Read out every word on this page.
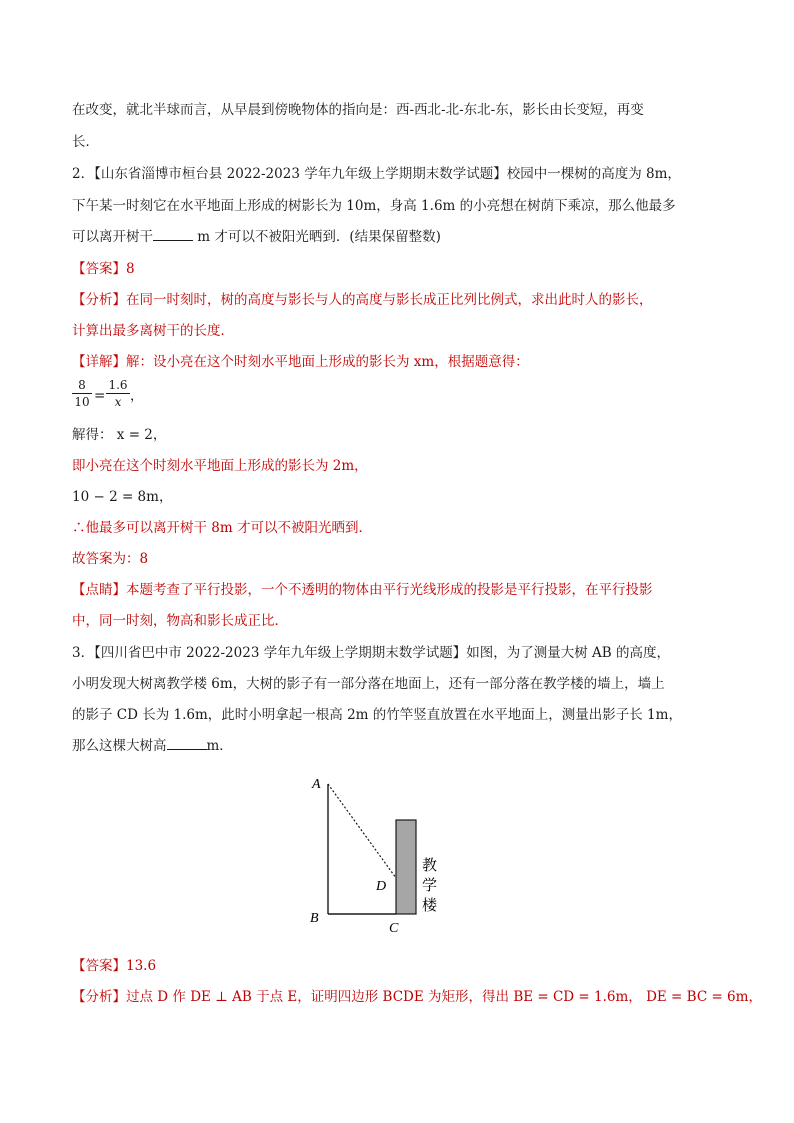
在改变，就北半球而言，从早晨到傍晚物体的指向是：西-西北-北-东北-东，影长由长变短，再变
长．
2．【山东省淄博市桓台县 2022-2023 学年九年级上学期期末数学试题】校园中一棵树的高度为 8m，
下午某一时刻它在水平地面上形成的树影长为 10m，身高 1.6m 的小亮想在树荫下乘凉，那么他最多
可以离开树干	m 才可以不被阳光晒到．(结果保留整数)
【答案】8
【分析】在同一时刻时，树的高度与影长与人的高度与影长成正比列比例式，求出此时人的影长，
计算出最多离树干的长度．
【详解】解：设小亮在这个时刻水平地面上形成的影长为 xm，根据题意得：
8
10 =
1.6
x ，
解得： x = 2，
即小亮在这个时刻水平地面上形成的影长为 2m，
10 − 2 = 8m，
∴他最多可以离开树干 8m 才可以不被阳光晒到．
故答案为：8
【点睛】本题考查了平行投影，一个不透明的物体由平行光线形成的投影是平行投影，在平行投影
中，同一时刻，物高和影长成正比．
3．【四川省巴中市 2022-2023 学年九年级上学期期末数学试题】如图，为了测量大树 AB 的高度，
小明发现大树离教学楼 6m，大树的影子有一部分落在地面上，还有一部分落在教学楼的墙上，墙上
的影子 CD 长为 1.6m，此时小明拿起一根高 2m 的竹竿竖直放置在水平地面上，测量出影子长 1m，
那么这棵大树高	m．
A
B
C
D
教
学
楼
【答案】13.6
【分析】过点 D 作 DE ⊥ AB 于点 E，证明四边形 BCDE 为矩形，得出 BE = CD = 1.6m， DE = BC = 6m，
